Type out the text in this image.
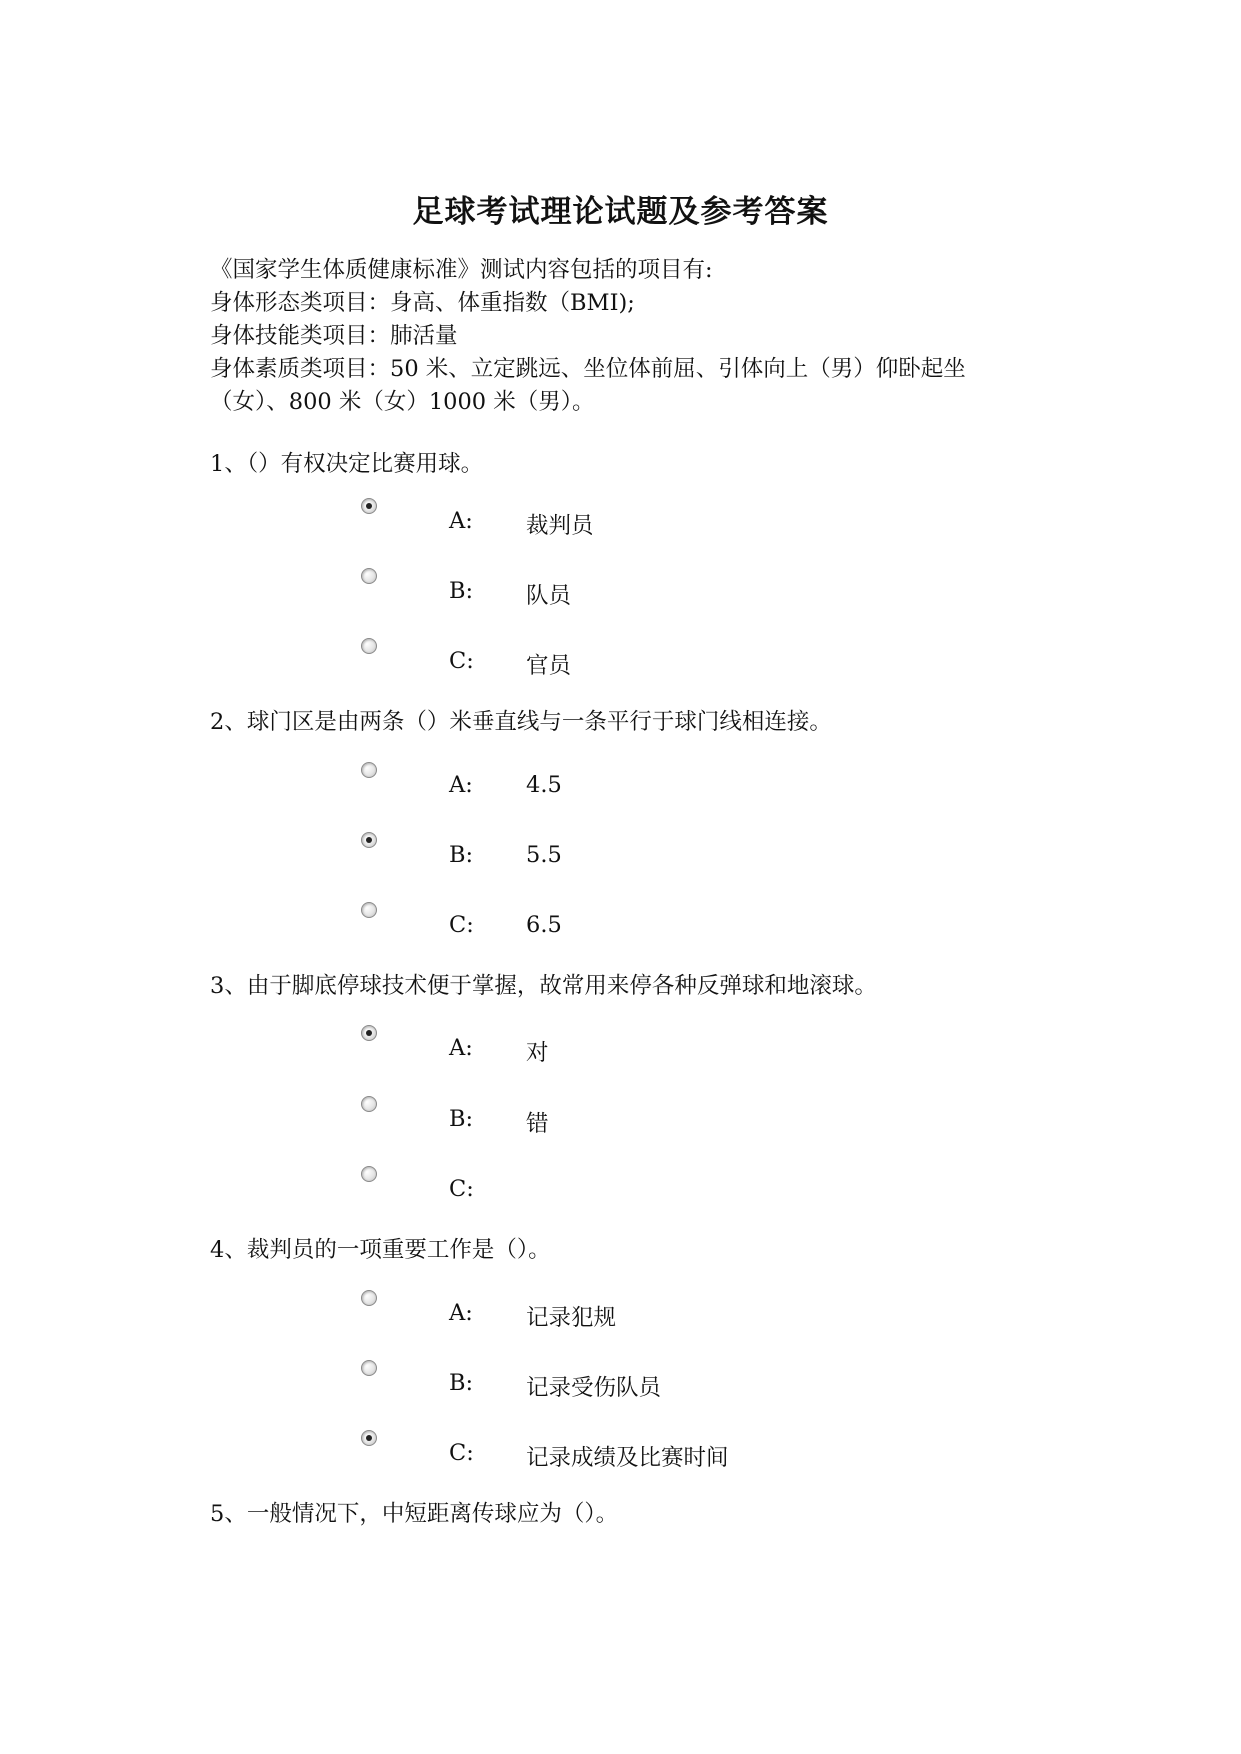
足球考试理论试题及参考答案
《国家学生体质健康标准》测试内容包括的项目有:
身体形态类项目：身高、体重指数（BMI);
身体技能类项目：肺活量
身体素质类项目：50 米、立定跳远、坐位体前屈、引体向上（男）仰卧起坐
（女）、800 米（女）1000 米（男）。
1、（）有权决定比赛用球。
A: 裁判员
B: 队员
C: 官员
2、球门区是由两条（）米垂直线与一条平行于球门线相连接。
A: 4.5
B: 5.5
C: 6.5
3、由于脚底停球技术便于掌握，故常用来停各种反弹球和地滚球。
A: 对
B: 错
C:
4、裁判员的一项重要工作是（）。
A: 记录犯规
B: 记录受伤队员
C: 记录成绩及比赛时间
5、一般情况下，中短距离传球应为（）。
